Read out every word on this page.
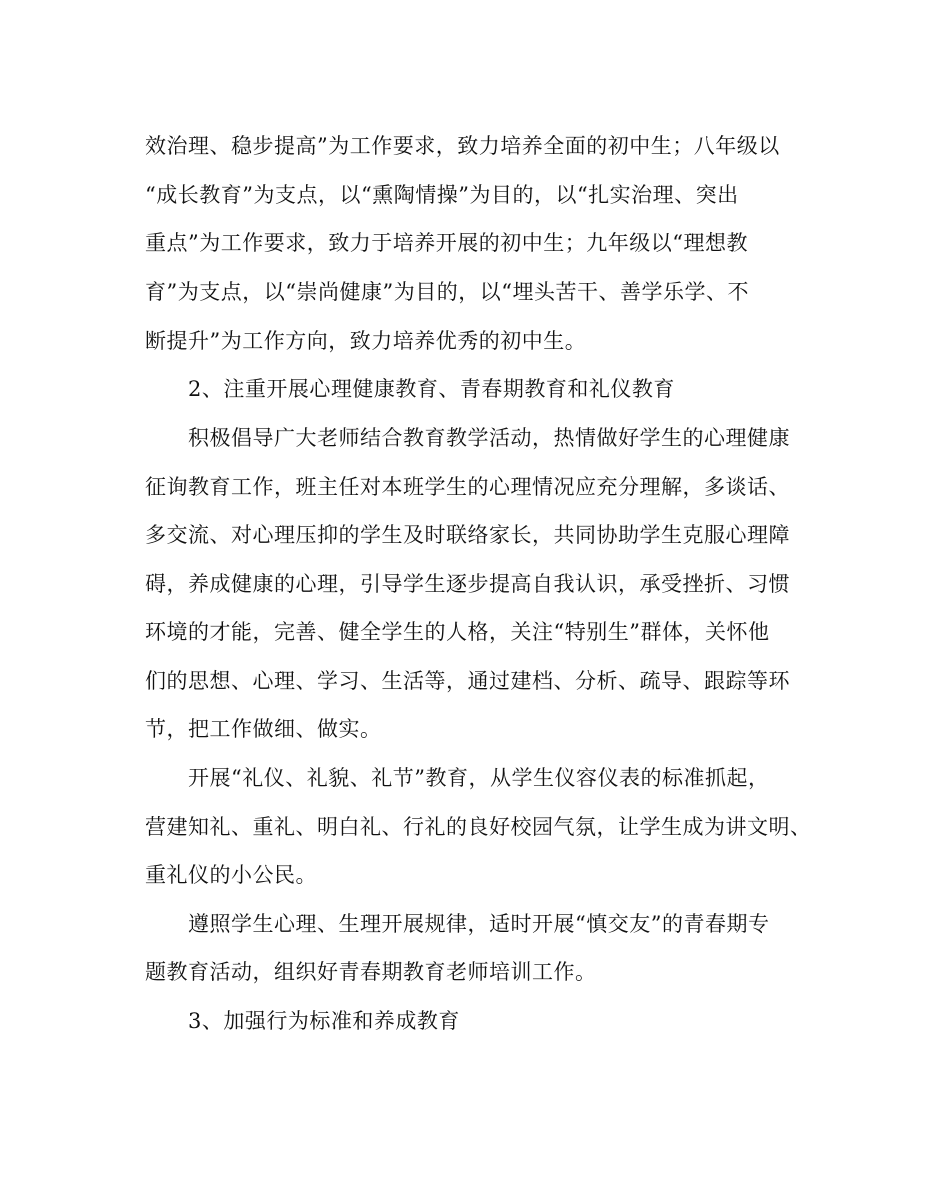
效治理、稳步提高”为工作要求，致力培养全面的初中生；八年级以

“成长教育”为支点，以“熏陶情操”为目的，以“扎实治理、突出

重点”为工作要求，致力于培养开展的初中生；九年级以“理想教

育”为支点，以“崇尚健康”为目的，以“埋头苦干、善学乐学、不

断提升”为工作方向，致力培养优秀的初中生。

2、注重开展心理健康教育、青春期教育和礼仪教育

积极倡导广大老师结合教育教学活动，热情做好学生的心理健康

征询教育工作，班主任对本班学生的心理情况应充分理解，多谈话、

多交流、对心理压抑的学生及时联络家长，共同协助学生克服心理障

碍，养成健康的心理，引导学生逐步提高自我认识，承受挫折、习惯

环境的才能，完善、健全学生的人格，关注“特别生”群体，关怀他

们的思想、心理、学习、生活等，通过建档、分析、疏导、跟踪等环

节，把工作做细、做实。

开展“礼仪、礼貌、礼节”教育，从学生仪容仪表的标准抓起，

营建知礼、重礼、明白礼、行礼的良好校园气氛，让学生成为讲文明、

重礼仪的小公民。

遵照学生心理、生理开展规律，适时开展“慎交友”的青春期专

题教育活动，组织好青春期教育老师培训工作。

3、加强行为标准和养成教育
